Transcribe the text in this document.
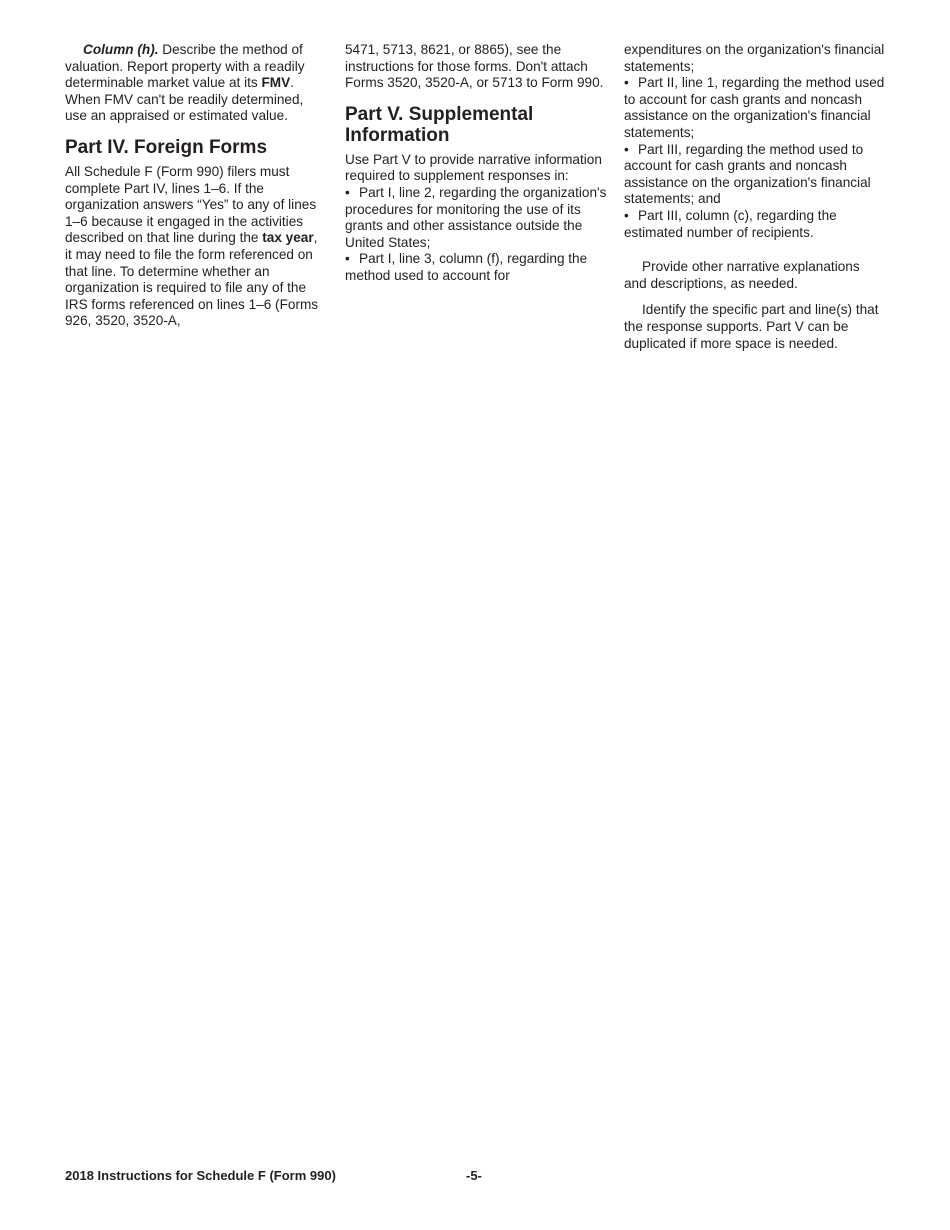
Column (h). Describe the method of valuation. Report property with a readily determinable market value at its FMV. When FMV can't be readily determined, use an appraised or estimated value.

Part IV. Foreign Forms

All Schedule F (Form 990) filers must complete Part IV, lines 1–6. If the organization answers “Yes” to any of lines 1–6 because it engaged in the activities described on that line during the tax year, it may need to file the form referenced on that line. To determine whether an organization is required to file any of the IRS forms referenced on lines 1–6 (Forms 926, 3520, 3520-A,

5471, 5713, 8621, or 8865), see the instructions for those forms. Don't attach Forms 3520, 3520-A, or 5713 to Form 990.

Part V. Supplemental Information

Use Part V to provide narrative information required to supplement responses in:

• Part I, line 2, regarding the organization's procedures for monitoring the use of its grants and other assistance outside the United States;
• Part I, line 3, column (f), regarding the method used to account for
expenditures on the organization's financial statements;
• Part II, line 1, regarding the method used to account for cash grants and noncash assistance on the organization's financial statements;
• Part III, regarding the method used to account for cash grants and noncash assistance on the organization's financial statements; and
• Part III, column (c), regarding the estimated number of recipients.

Provide other narrative explanations and descriptions, as needed.

Identify the specific part and line(s) that the response supports. Part V can be duplicated if more space is needed.

2018 Instructions for Schedule F (Form 990)	-5-
